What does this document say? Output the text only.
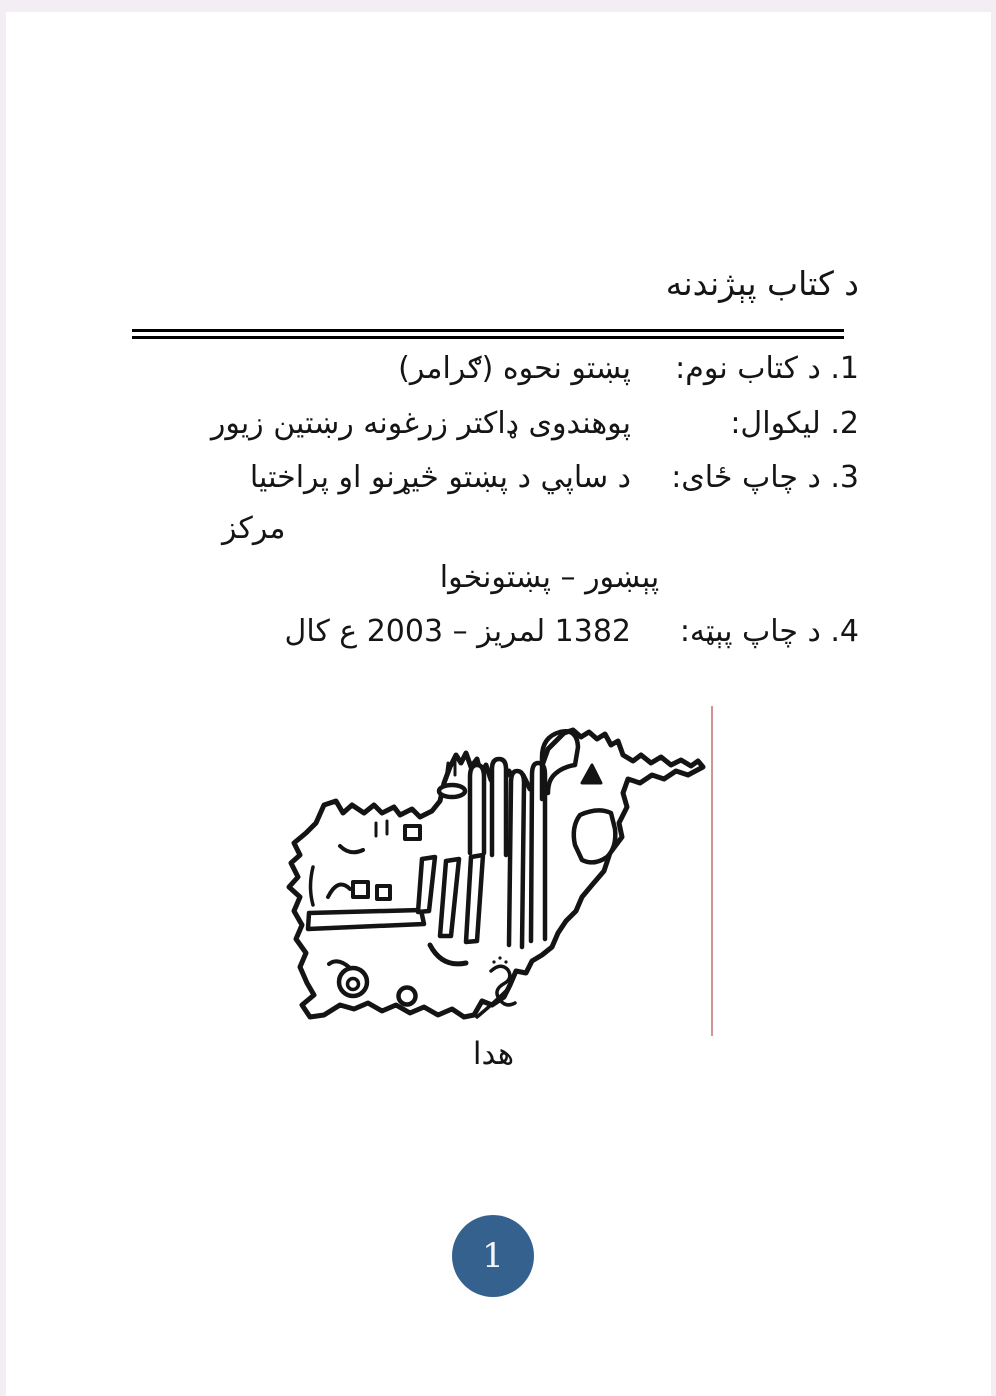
د کتاب پېژندنه
1. د کتاب نوم:
پښتو نحوه (ګرامر)
2. لیکوال:
پوهندوی ډاکتر زرغونه رښتین زیور
3. د چاپ ځای:
د ساپي د پښتو څیړنو او پراختیا
مرکز
پېښور – پښتونخوا
4. د چاپ پېټه:
1382 لمریز – 2003 ع کال
هدا
1
